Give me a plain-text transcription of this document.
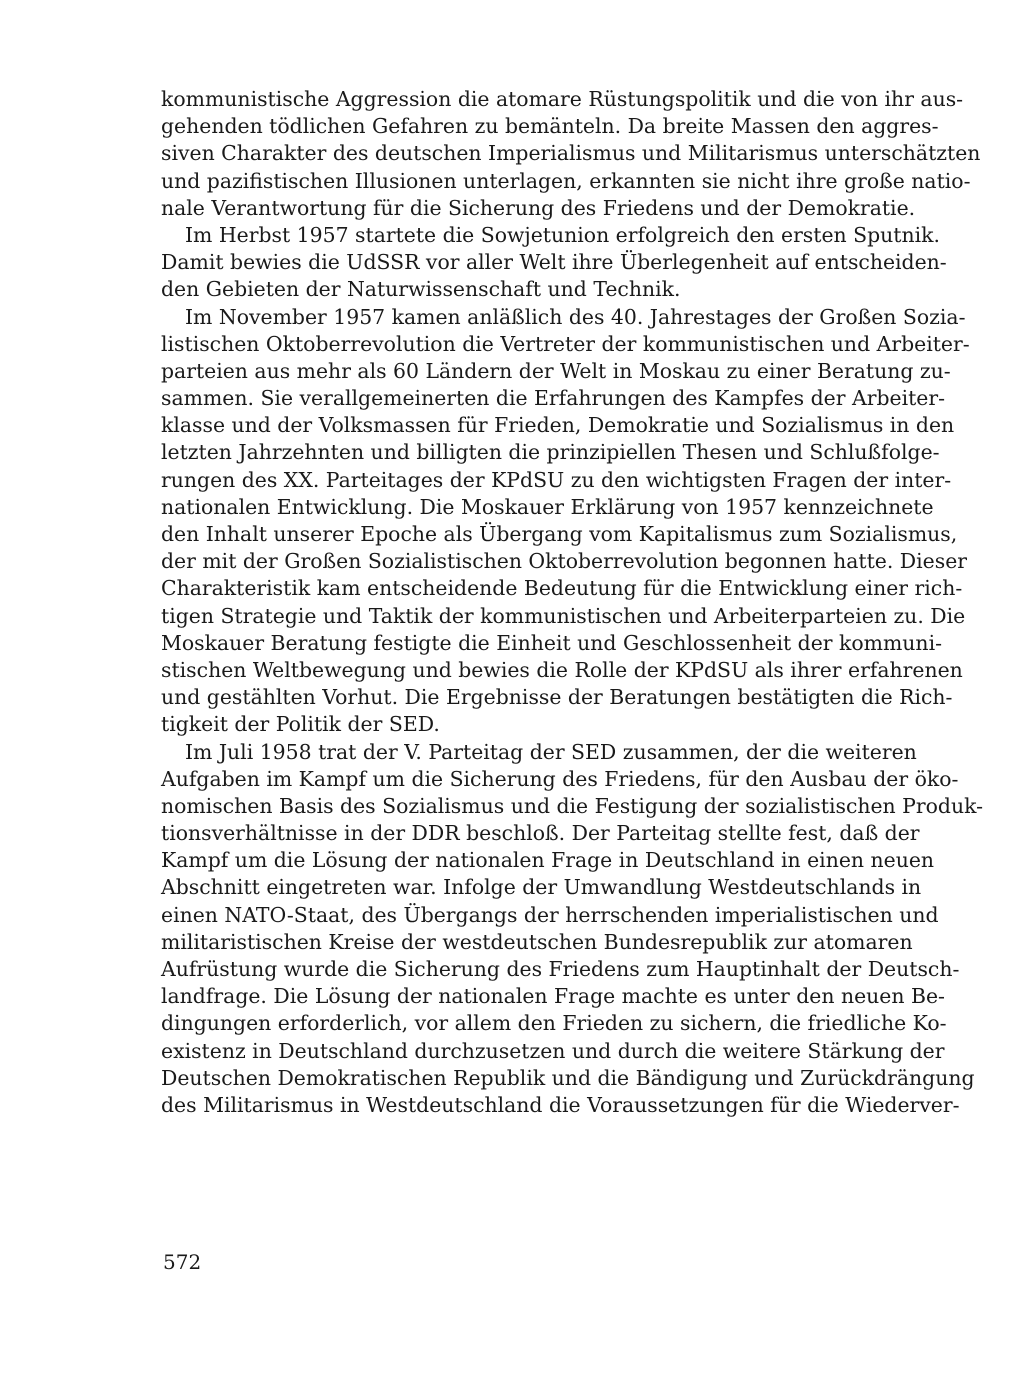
kommunistische Aggression die atomare Rüstungspolitik und die von ihr aus-
gehenden tödlichen Gefahren zu bemänteln. Da breite Massen den aggres-
siven Charakter des deutschen Imperialismus und Militarismus unterschätzten
und pazifistischen Illusionen unterlagen, erkannten sie nicht ihre große natio-
nale Verantwortung für die Sicherung des Friedens und der Demokratie.
Im Herbst 1957 startete die Sowjetunion erfolgreich den ersten Sputnik.
Damit bewies die UdSSR vor aller Welt ihre Überlegenheit auf entscheiden-
den Gebieten der Naturwissenschaft und Technik.
Im November 1957 kamen anläßlich des 40. Jahrestages der Großen Sozia-
listischen Oktoberrevolution die Vertreter der kommunistischen und Arbeiter-
parteien aus mehr als 60 Ländern der Welt in Moskau zu einer Beratung zu-
sammen. Sie verallgemeinerten die Erfahrungen des Kampfes der Arbeiter-
klasse und der Volksmassen für Frieden, Demokratie und Sozialismus in den
letzten Jahrzehnten und billigten die prinzipiellen Thesen und Schlußfolge-
rungen des XX. Parteitages der KPdSU zu den wichtigsten Fragen der inter-
nationalen Entwicklung. Die Moskauer Erklärung von 1957 kennzeichnete
den Inhalt unserer Epoche als Übergang vom Kapitalismus zum Sozialismus,
der mit der Großen Sozialistischen Oktoberrevolution begonnen hatte. Dieser
Charakteristik kam entscheidende Bedeutung für die Entwicklung einer rich-
tigen Strategie und Taktik der kommunistischen und Arbeiterparteien zu. Die
Moskauer Beratung festigte die Einheit und Geschlossenheit der kommuni-
stischen Weltbewegung und bewies die Rolle der KPdSU als ihrer erfahrenen
und gestählten Vorhut. Die Ergebnisse der Beratungen bestätigten die Rich-
tigkeit der Politik der SED.
Im Juli 1958 trat der V. Parteitag der SED zusammen, der die weiteren
Aufgaben im Kampf um die Sicherung des Friedens, für den Ausbau der öko-
nomischen Basis des Sozialismus und die Festigung der sozialistischen Produk-
tionsverhältnisse in der DDR beschloß. Der Parteitag stellte fest, daß der
Kampf um die Lösung der nationalen Frage in Deutschland in einen neuen
Abschnitt eingetreten war. Infolge der Umwandlung Westdeutschlands in
einen NATO-Staat, des Übergangs der herrschenden imperialistischen und
militaristischen Kreise der westdeutschen Bundesrepublik zur atomaren
Aufrüstung wurde die Sicherung des Friedens zum Hauptinhalt der Deutsch-
landfrage. Die Lösung der nationalen Frage machte es unter den neuen Be-
dingungen erforderlich, vor allem den Frieden zu sichern, die friedliche Ko-
existenz in Deutschland durchzusetzen und durch die weitere Stärkung der
Deutschen Demokratischen Republik und die Bändigung und Zurückdrängung
des Militarismus in Westdeutschland die Voraussetzungen für die Wiederver-
572
